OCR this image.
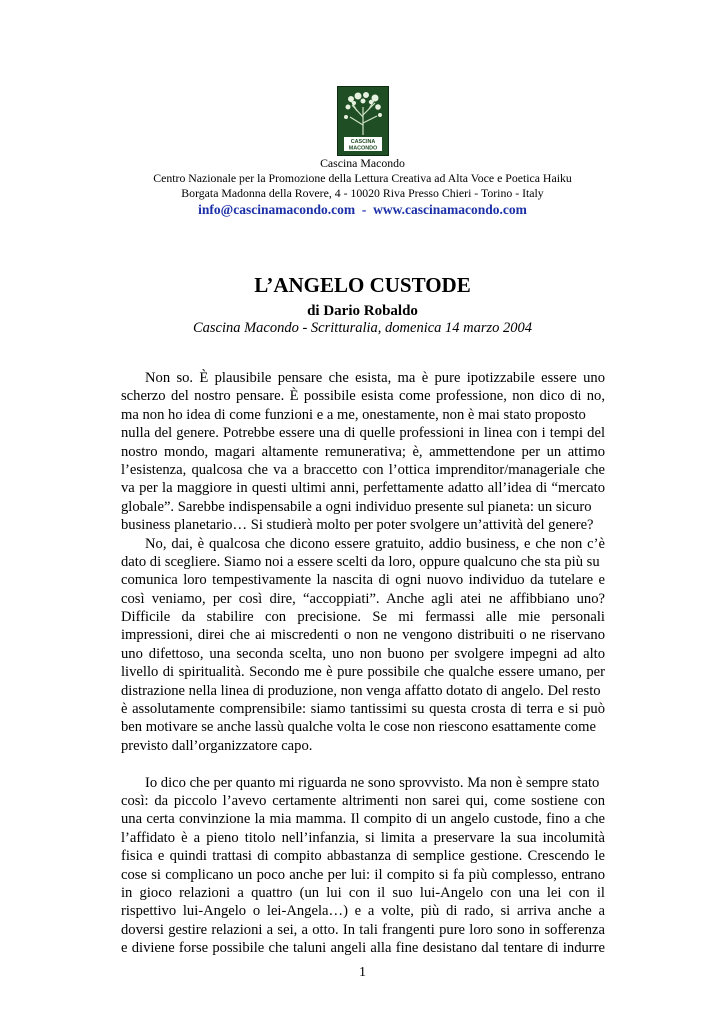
CASCINA
MACONDO
Cascina Macondo
Centro Nazionale per la Promozione della Lettura Creativa ad Alta Voce e Poetica Haiku
Borgata Madonna della Rovere, 4 - 10020 Riva Presso Chieri - Torino - Italy
info@cascinamacondo.com - www.cascinamacondo.com
L’ANGELO CUSTODE
di Dario Robaldo
Cascina Macondo - Scritturalia, domenica 14 marzo 2004
Non so. È plausibile pensare che esista, ma è pure ipotizzabile essere uno
scherzo del nostro pensare. È possibile esista come professione, non dico di no,
ma non ho idea di come funzioni e a me, onestamente, non è mai stato proposto
nulla del genere. Potrebbe essere una di quelle professioni in linea con i tempi del
nostro mondo, magari altamente remunerativa; è, ammettendone per un attimo
l’esistenza, qualcosa che va a braccetto con l’ottica imprenditor/manageriale che
va per la maggiore in questi ultimi anni, perfettamente adatto all’idea di “mercato
globale”. Sarebbe indispensabile a ogni individuo presente sul pianeta: un sicuro
business planetario… Si studierà molto per poter svolgere un’attività del genere?
No, dai, è qualcosa che dicono essere gratuito, addio business, e che non c’è
dato di scegliere. Siamo noi a essere scelti da loro, oppure qualcuno che sta più su
comunica loro tempestivamente la nascita di ogni nuovo individuo da tutelare e
così veniamo, per così dire, “accoppiati”. Anche agli atei ne affibbiano uno?
Difficile da stabilire con precisione. Se mi fermassi alle mie personali
impressioni, direi che ai miscredenti o non ne vengono distribuiti o ne riservano
uno difettoso, una seconda scelta, uno non buono per svolgere impegni ad alto
livello di spiritualità. Secondo me è pure possibile che qualche essere umano, per
distrazione nella linea di produzione, non venga affatto dotato di angelo. Del resto
è assolutamente comprensibile: siamo tantissimi su questa crosta di terra e si può
ben motivare se anche lassù qualche volta le cose non riescono esattamente come
previsto dall’organizzatore capo.
Io dico che per quanto mi riguarda ne sono sprovvisto. Ma non è sempre stato
così: da piccolo l’avevo certamente altrimenti non sarei qui, come sostiene con
una certa convinzione la mia mamma. Il compito di un angelo custode, fino a che
l’affidato è a pieno titolo nell’infanzia, si limita a preservare la sua incolumità
fisica e quindi trattasi di compito abbastanza di semplice gestione. Crescendo le
cose si complicano un poco anche per lui: il compito si fa più complesso, entrano
in gioco relazioni a quattro (un lui con il suo lui-Angelo con una lei con il
rispettivo lui-Angelo o lei-Angela…) e a volte, più di rado, si arriva anche a
doversi gestire relazioni a sei, a otto. In tali frangenti pure loro sono in sofferenza
e diviene forse possibile che taluni angeli alla fine desistano dal tentare di indurre
1
